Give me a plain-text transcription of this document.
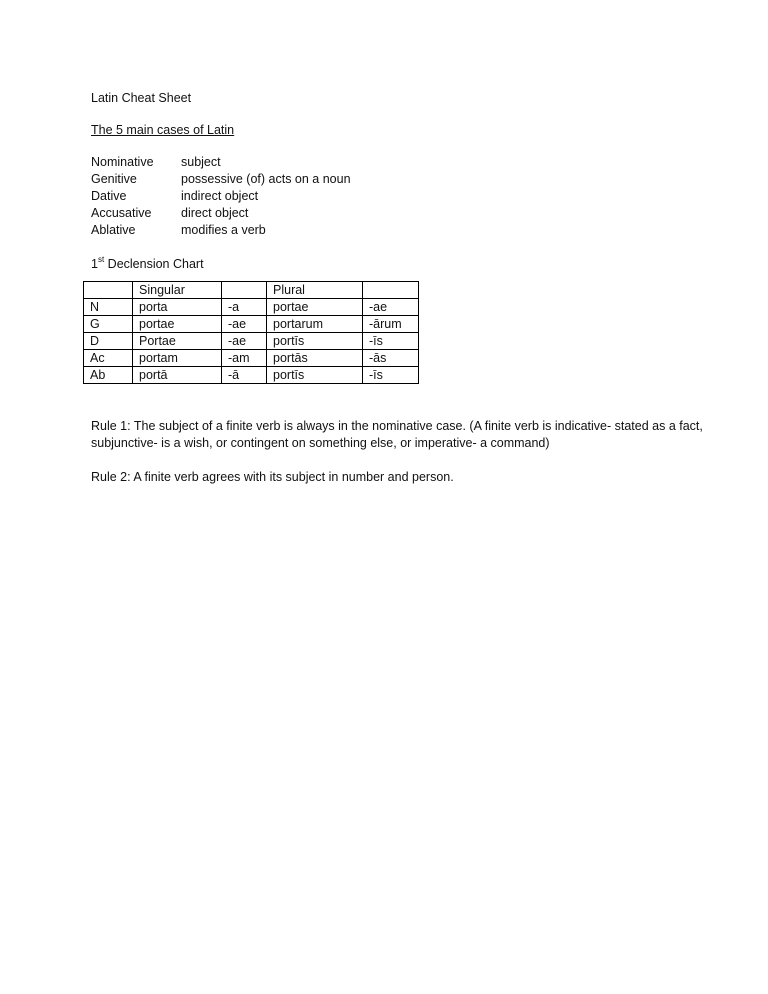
Latin Cheat Sheet
The 5 main cases of Latin
Nominative	subject
Genitive	possessive (of) acts on a noun
Dative	indirect object
Accusative	direct object
Ablative	modifies a verb
1st Declension Chart
	Singular		Plural	
N	porta	-a	portae	-ae
G	portae	-ae	portarum	-ārum
D	Portae	-ae	portīs	-īs
Ac	portam	-am	portās	-ās
Ab	portā	-ā	portīs	-īs
Rule 1: The subject of a finite verb is always in the nominative case. (A finite verb is indicative- stated as a fact, subjunctive- is a wish, or contingent on something else, or imperative- a command)
Rule 2: A finite verb agrees with its subject in number and person.
